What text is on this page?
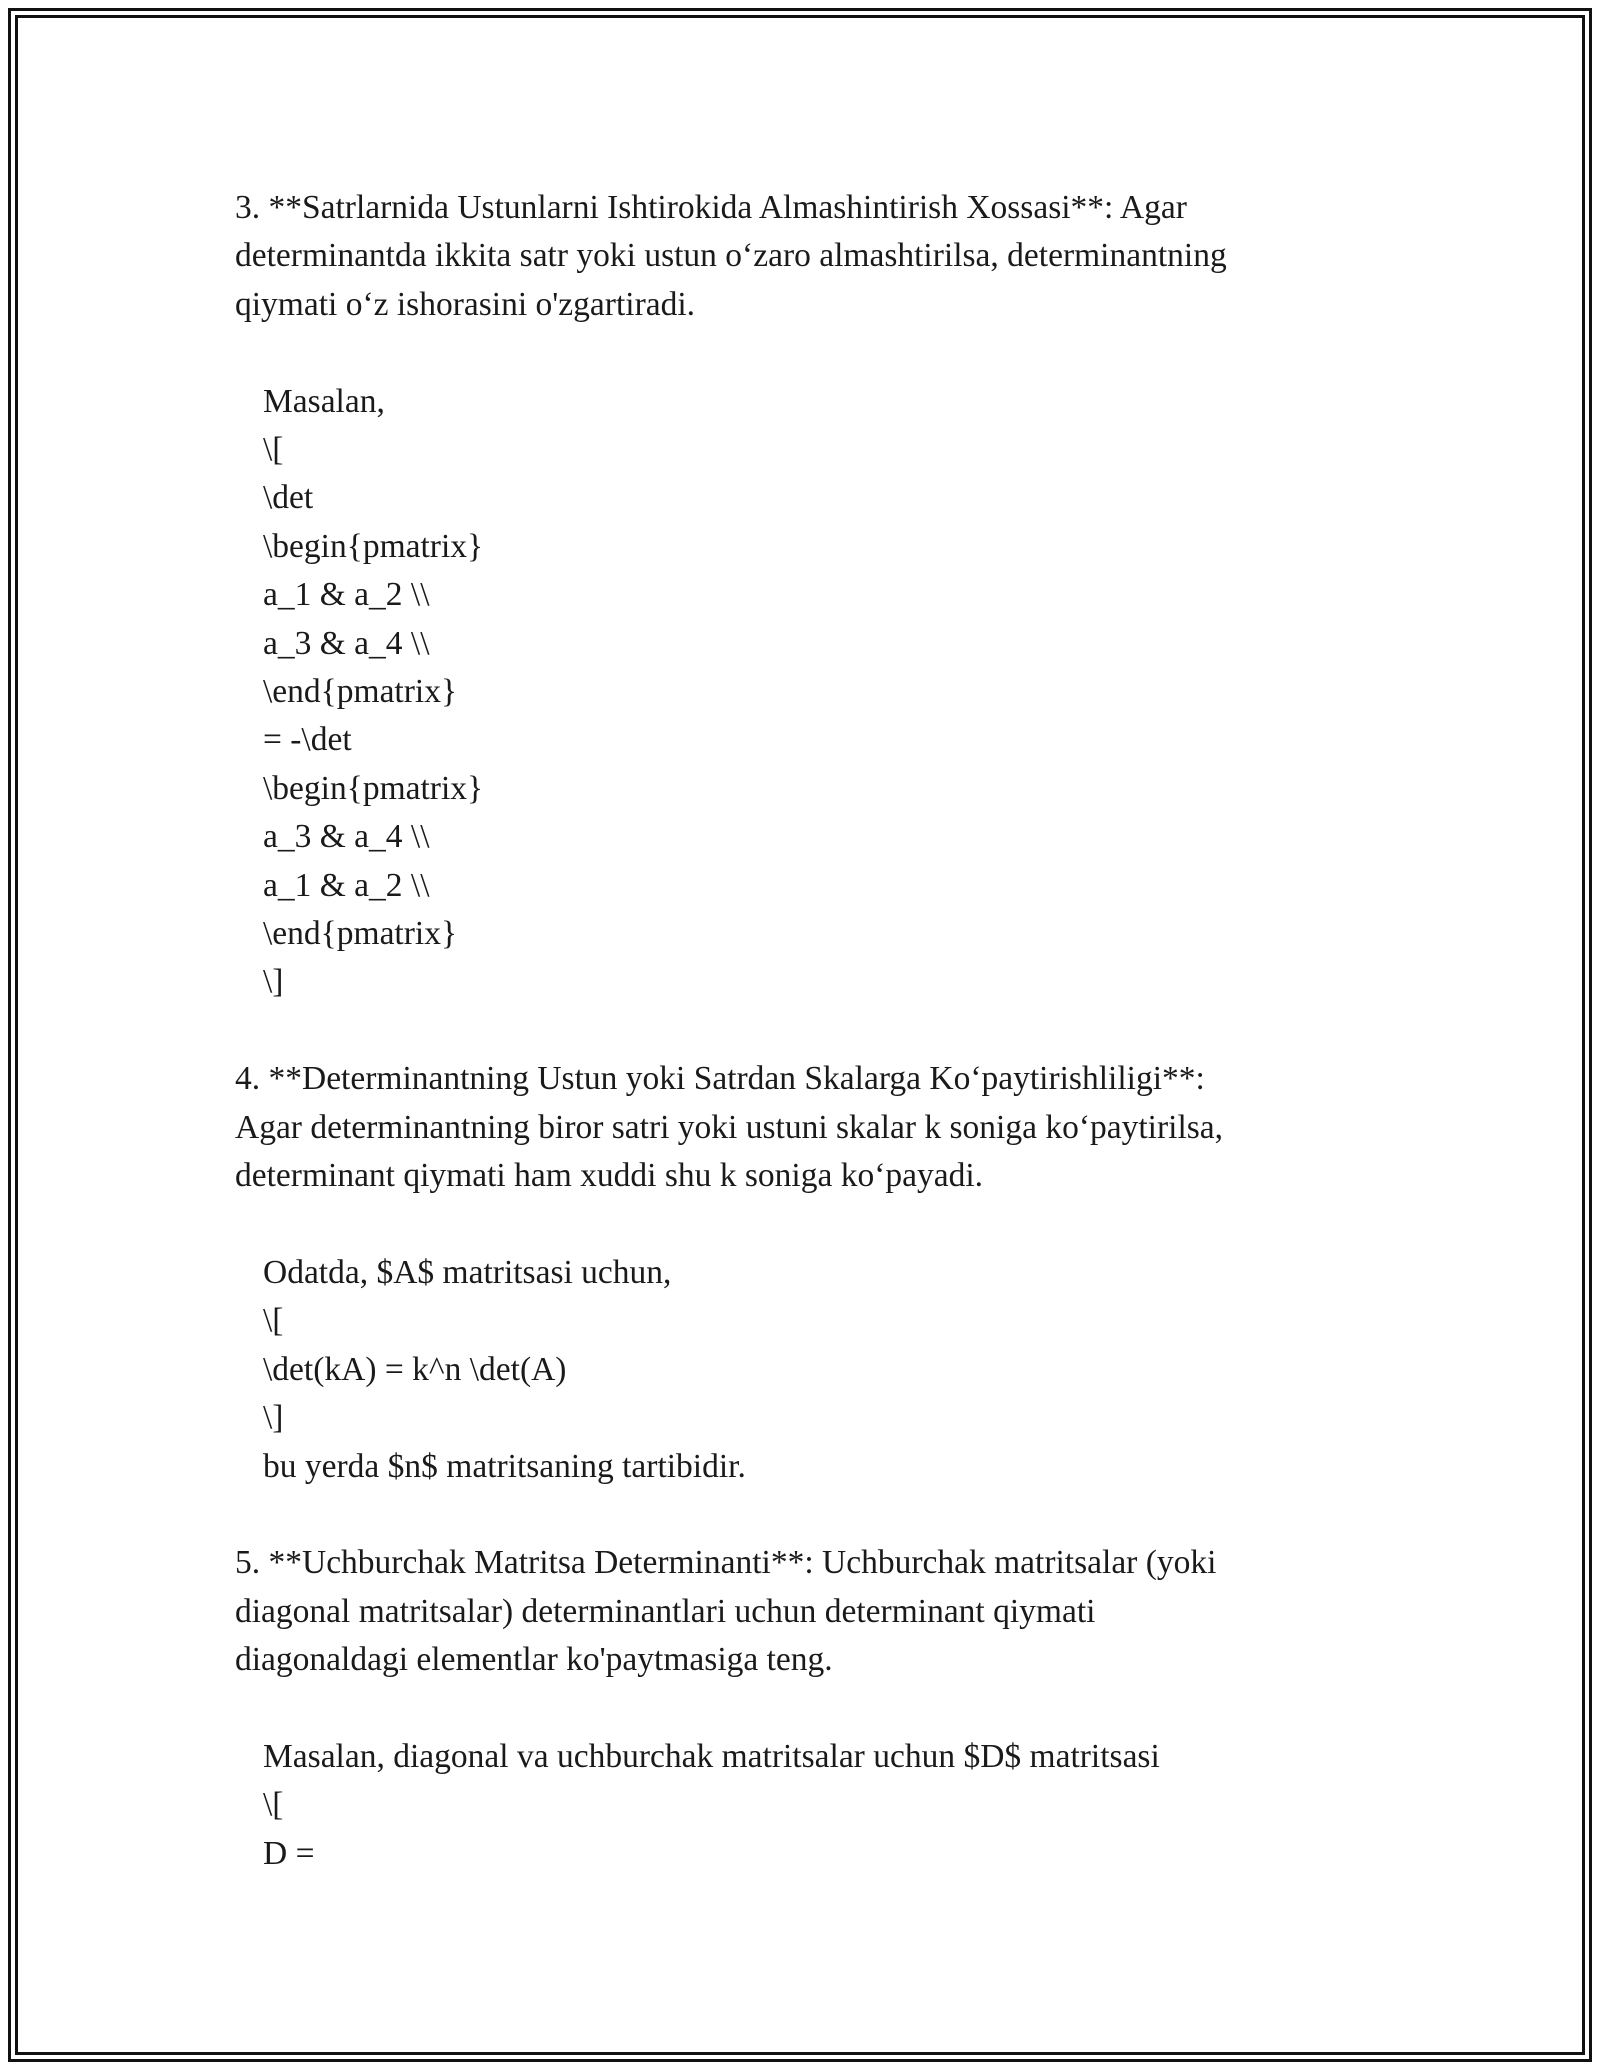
3. **Satrlarnida Ustunlarni Ishtirokida Almashintirish Xossasi**: Agar
determinantda ikkita satr yoki ustun o‘zaro almashtirilsa, determinantning
qiymati o‘z ishorasini o'zgartiradi.
Masalan,
\[
\det
\begin{pmatrix}
a_1 & a_2 \\
a_3 & a_4 \\
\end{pmatrix}
= -\det
\begin{pmatrix}
a_3 & a_4 \\
a_1 & a_2 \\
\end{pmatrix}
\]
4. **Determinantning Ustun yoki Satrdan Skalarga Ko‘paytirishliligi**:
Agar determinantning biror satri yoki ustuni skalar k soniga ko‘paytirilsa,
determinant qiymati ham xuddi shu k soniga ko‘payadi.
Odatda, $A$ matritsasi uchun,
\[
\det(kA) = k^n \det(A)
\]
bu yerda $n$ matritsaning tartibidir.
5. **Uchburchak Matritsa Determinanti**: Uchburchak matritsalar (yoki
diagonal matritsalar) determinantlari uchun determinant qiymati
diagonaldagi elementlar ko'paytmasiga teng.
Masalan, diagonal va uchburchak matritsalar uchun $D$ matritsasi
\[
D =
